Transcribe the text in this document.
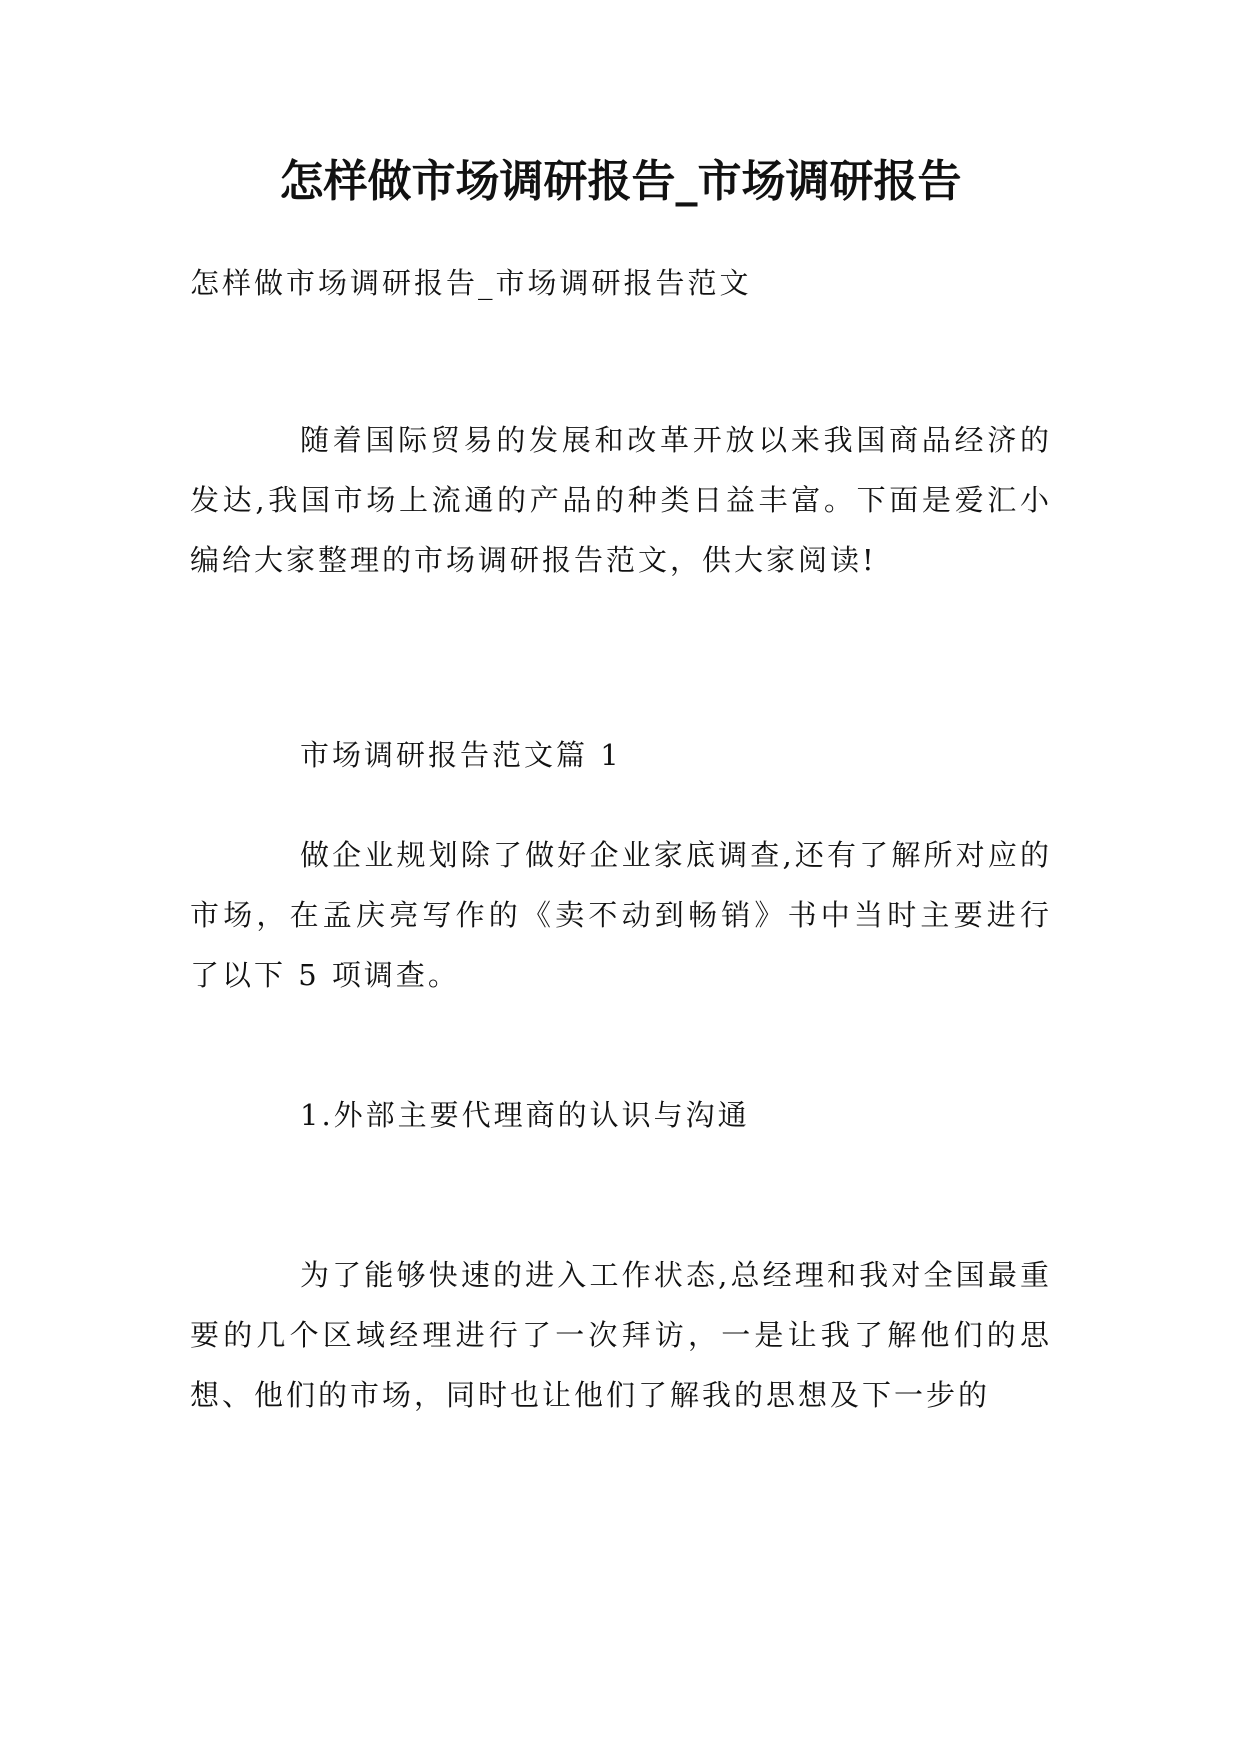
怎样做市场调研报告_市场调研报告

怎样做市场调研报告_市场调研报告范文

随着国际贸易的发展和改革开放以来我国商品经济的发达,我国市场上流通的产品的种类日益丰富。下面是爱汇小编给大家整理的市场调研报告范文，供大家阅读!

市场调研报告范文篇 1

做企业规划除了做好企业家底调查,还有了解所对应的市场，在孟庆亮写作的《卖不动到畅销》书中当时主要进行了以下 5 项调查。

1.外部主要代理商的认识与沟通

为了能够快速的进入工作状态,总经理和我对全国最重要的几个区域经理进行了一次拜访，一是让我了解他们的思想、他们的市场，同时也让他们了解我的思想及下一步的
